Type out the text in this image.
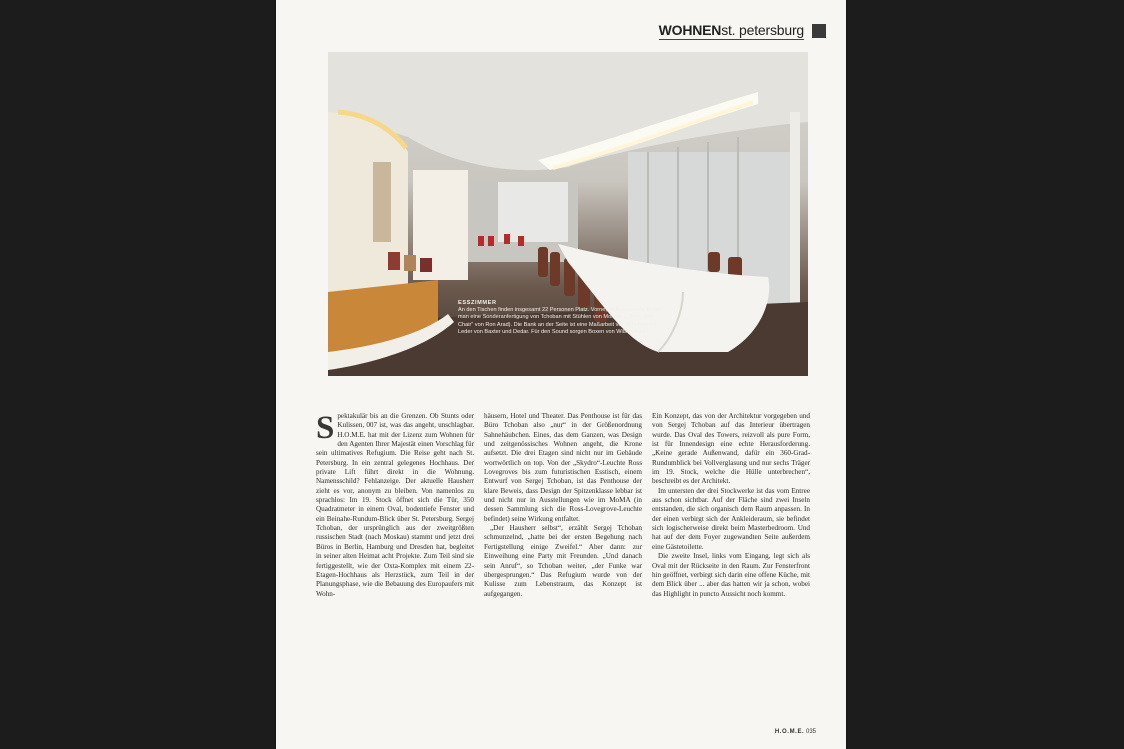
WOHNENst. petersburg
ESSZIMMER
An den Tischen finden insgesamt 22 Personen Platz. Vorne, im Eckbereich, findet man eine Sonderanfertigung von Tchoban mit Stühlen von Moroso („Three Skin Chair“ von Ron Arad). Die Bank an der Seite ist eine Maßarbeit von Tchoban mit Leder von Baxter und Dedar. Für den Sound sorgen Boxen von Wilson Audio

Spektakulär bis an die Grenzen. Ob Stunts oder Kulissen, 007 ist, was das angeht, unschlagbar. H.O.M.E. hat mit der Lizenz zum Wohnen für den Agenten Ihrer Majestät einen Vorschlag für sein ultimatives Refugium. Die Reise geht nach St. Petersburg. In ein zentral gelegenes Hochhaus. Der private Lift führt direkt in die Wohnung. Namensschild? Fehlanzeige. Der aktuelle Hausherr zieht es vor, anonym zu bleiben. Von namenlos zu sprachlos: Im 19. Stock öffnet sich die Tür, 350 Quadratmeter in einem Oval, bodentiefe Fenster und ein Beinahe-Rundum-Blick über St. Petersburg. Sergej Tchoban, der ursprünglich aus der zweitgrößten russischen Stadt (nach Moskau) stammt und jetzt drei Büros in Berlin, Hamburg und Dresden hat, begleitet in seiner alten Heimat acht Projekte. Zum Teil sind sie fertiggestellt, wie der Oxta-Komplex mit einem 22-Etagen-Hochhaus als Herzstück, zum Teil in der Planungsphase, wie die Bebauung des Europaufers mit Wohn-

häusern, Hotel und Theater. Das Penthouse ist für das Büro Tchoban also „nur“ in der Größenordnung Sahnehäubchen. Eines, das dem Ganzen, was Design und zeitgenössisches Wohnen angeht, die Krone aufsetzt. Die drei Etagen sind nicht nur im Gebäude wortwörtlich on top. Von der „Skydro“-Leuchte Ross Lovegroves bis zum futuristischen Esstisch, einem Entwurf von Sergej Tchoban, ist das Penthouse der klare Beweis, dass Design der Spitzenklasse lebbar ist und nicht nur in Ausstellungen wie im MoMA (in dessen Sammlung sich die Ross-Lovegrove-Leuchte befindet) seine Wirkung entfaltet.

„Der Hausherr selbst“, erzählt Sergej Tchoban schmunzelnd, „hatte bei der ersten Begehung nach Fertigstellung einige Zweifel.“ Aber dann: zur Einweihung eine Party mit Freunden. „Und danach sein Anruf“, so Tchoban weiter, „der Funke war übergesprungen.“ Das Refugium wurde von der Kulisse zum Lebenstraum, das Konzept ist aufgegangen.

Ein Konzept, das von der Architektur vorgegeben und von Sergej Tchoban auf das Interieur übertragen wurde. Das Oval des Towers, reizvoll als pure Form, ist für Innendesign eine echte Herausforderung. „Keine gerade Außenwand, dafür ein 360-Grad-Rundumblick bei Vollverglasung und nur sechs Träger im 19. Stock, welche die Hülle unterbrechen“, beschreibt es der Architekt.

Im untersten der drei Stockwerke ist das vom Entree aus schon sichtbar. Auf der Fläche sind zwei Inseln entstanden, die sich organisch dem Raum anpassen. In der einen verbirgt sich der Ankleideraum, sie befindet sich logischerweise direkt beim Masterbedroom. Und hat auf der dem Foyer zugewandten Seite außerdem eine Gästetoilette.

Die zweite Insel, links vom Eingang, legt sich als Oval mit der Rückseite in den Raum. Zur Fensterfront hin geöffnet, verbirgt sich darin eine offene Küche, mit dem Blick über ... aber das hatten wir ja schon, wobei das Highlight in puncto Aussicht noch kommt.

H.O.M.E. 035
